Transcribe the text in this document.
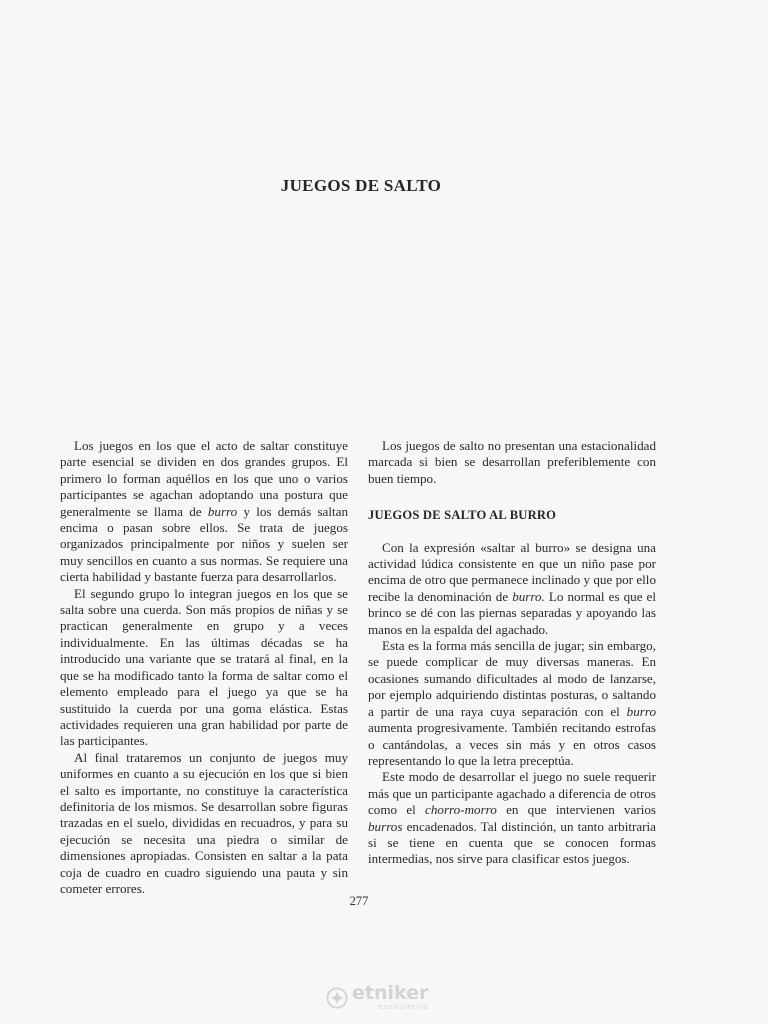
JUEGOS DE SALTO

Los juegos en los que el acto de saltar constituye parte esencial se dividen en dos grandes grupos. El primero lo forman aquéllos en los que uno o varios participantes se agachan adoptando una postura que generalmente se llama de burro y los demás saltan encima o pasan sobre ellos. Se trata de juegos organizados principalmente por niños y suelen ser muy sencillos en cuanto a sus normas. Se requiere una cierta habilidad y bastante fuerza para desarrollarlos.

El segundo grupo lo integran juegos en los que se salta sobre una cuerda. Son más propios de niñas y se practican generalmente en grupo y a veces individualmente. En las últimas décadas se ha introducido una variante que se tratará al final, en la que se ha modificado tanto la forma de saltar como el elemento empleado para el juego ya que se ha sustituido la cuerda por una goma elástica. Estas actividades requieren una gran habilidad por parte de las participantes.

Al final trataremos un conjunto de juegos muy uniformes en cuanto a su ejecución en los que si bien el salto es importante, no constituye la característica definitoria de los mismos. Se desarrollan sobre figuras trazadas en el suelo, divididas en recuadros, y para su ejecución se necesita una piedra o similar de dimensiones apropiadas. Consisten en saltar a la pata coja de cuadro en cuadro siguiendo una pauta y sin cometer errores.

Los juegos de salto no presentan una estacionalidad marcada si bien se desarrollan preferiblemente con buen tiempo.

JUEGOS DE SALTO AL BURRO

Con la expresión «saltar al burro» se designa una actividad lúdica consistente en que un niño pase por encima de otro que permanece inclinado y que por ello recibe la denominación de burro. Lo normal es que el brinco se dé con las piernas separadas y apoyando las manos en la espalda del agachado.

Esta es la forma más sencilla de jugar; sin embargo, se puede complicar de muy diversas maneras. En ocasiones sumando dificultades al modo de lanzarse, por ejemplo adquiriendo distintas posturas, o saltando a partir de una raya cuya separación con el burro aumenta progresivamente. También recitando estrofas o cantándolas, a veces sin más y en otros casos representando lo que la letra preceptúa.

Este modo de desarrollar el juego no suele requerir más que un participante agachado a diferencia de otros como el chorro-morro en que intervienen varios burros encadenados. Tal distinción, un tanto arbitraria si se tiene en cuenta que se conocen formas intermedias, nos sirve para clasificar estos juegos.

277
etniker
euskalerria
